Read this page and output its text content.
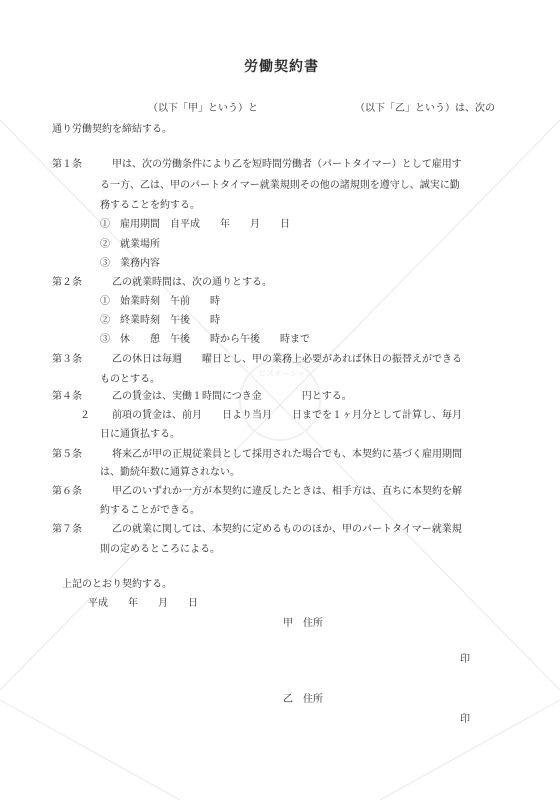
ビズオーシャン
労働契約書
（以下「甲」という）と	（以下「乙」という）は、次の
通り労働契約を締結する。
第１条	甲は、次の労働条件により乙を短時間労働者（パートタイマー）として雇用す
る一方、乙は、甲のパートタイマー就業規則その他の諸規則を遵守し、誠実に勤
務することを約する。
①　雇用期間　自平成　　年　　月　　日
②　就業場所
③　業務内容
第２条	乙の就業時間は、次の通りとする。
①　始業時刻　午前　　時
②　終業時刻　午後　　時
③　休　　憩　午後　　時から午後　　時まで
第３条	乙の休日は毎週　　曜日とし、甲の業務上必要があれば休日の振替えができる
ものとする。
第４条	乙の賃金は、実働１時間につき金　　　　円とする。
２ 前項の賃金は、前月　　日より当月　　日までを１ヶ月分として計算し、毎月
日に通貨払する。
第５条	将来乙が甲の正規従業員として採用された場合でも、本契約に基づく雇用期間
は、勤続年数に通算されない。
第６条	甲乙のいずれか一方が本契約に違反したときは、相手方は、直ちに本契約を解
約することができる。
第７条	乙の就業に関しては、本契約に定めるもののほか、甲のパートタイマー就業規
則の定めるところによる。
上記のとおり契約する。
平成　　年　　月　　日
甲　住所
印
乙　住所
印
